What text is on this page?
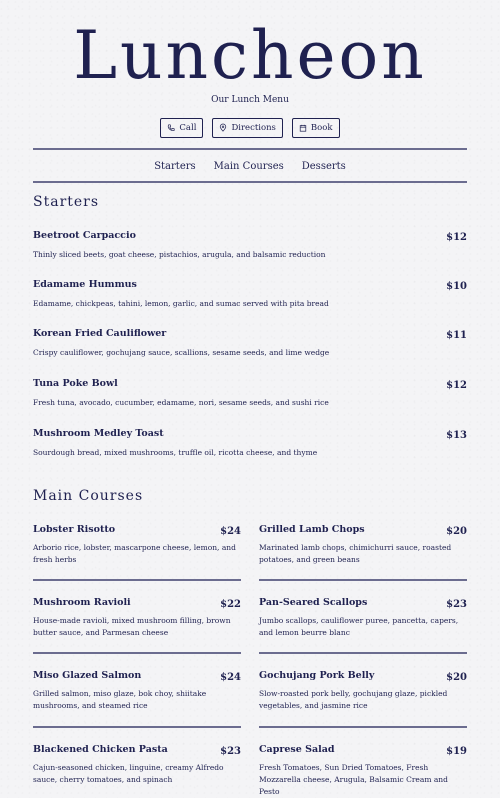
Luncheon
Our Lunch Menu
Call	Directions	Book
Starters Main Courses Desserts
Starters
Beetroot Carpaccio	$12
Thinly sliced beets, goat cheese, pistachios, arugula, and balsamic reduction
Edamame Hummus	$10
Edamame, chickpeas, tahini, lemon, garlic, and sumac served with pita bread
Korean Fried Cauliflower	$11
Crispy cauliflower, gochujang sauce, scallions, sesame seeds, and lime wedge
Tuna Poke Bowl	$12
Fresh tuna, avocado, cucumber, edamame, nori, sesame seeds, and sushi rice
Mushroom Medley Toast	$13
Sourdough bread, mixed mushrooms, truffle oil, ricotta cheese, and thyme
Main Courses
Lobster Risotto	$24
Arborio rice, lobster, mascarpone cheese, lemon, and fresh herbs
Grilled Lamb Chops	$20
Marinated lamb chops, chimichurri sauce, roasted potatoes, and green beans
Mushroom Ravioli	$22
House-made ravioli, mixed mushroom filling, brown butter sauce, and Parmesan cheese
Pan-Seared Scallops	$23
Jumbo scallops, cauliflower puree, pancetta, capers, and lemon beurre blanc
Miso Glazed Salmon	$24
Grilled salmon, miso glaze, bok choy, shiitake mushrooms, and steamed rice
Gochujang Pork Belly	$20
Slow-roasted pork belly, gochujang glaze, pickled vegetables, and jasmine rice
Blackened Chicken Pasta	$23
Cajun-seasoned chicken, linguine, creamy Alfredo sauce, cherry tomatoes, and spinach
Caprese Salad	$19
Fresh Tomatoes, Sun Dried Tomatoes, Fresh Mozzarella cheese, Arugula, Balsamic Cream and Pesto
